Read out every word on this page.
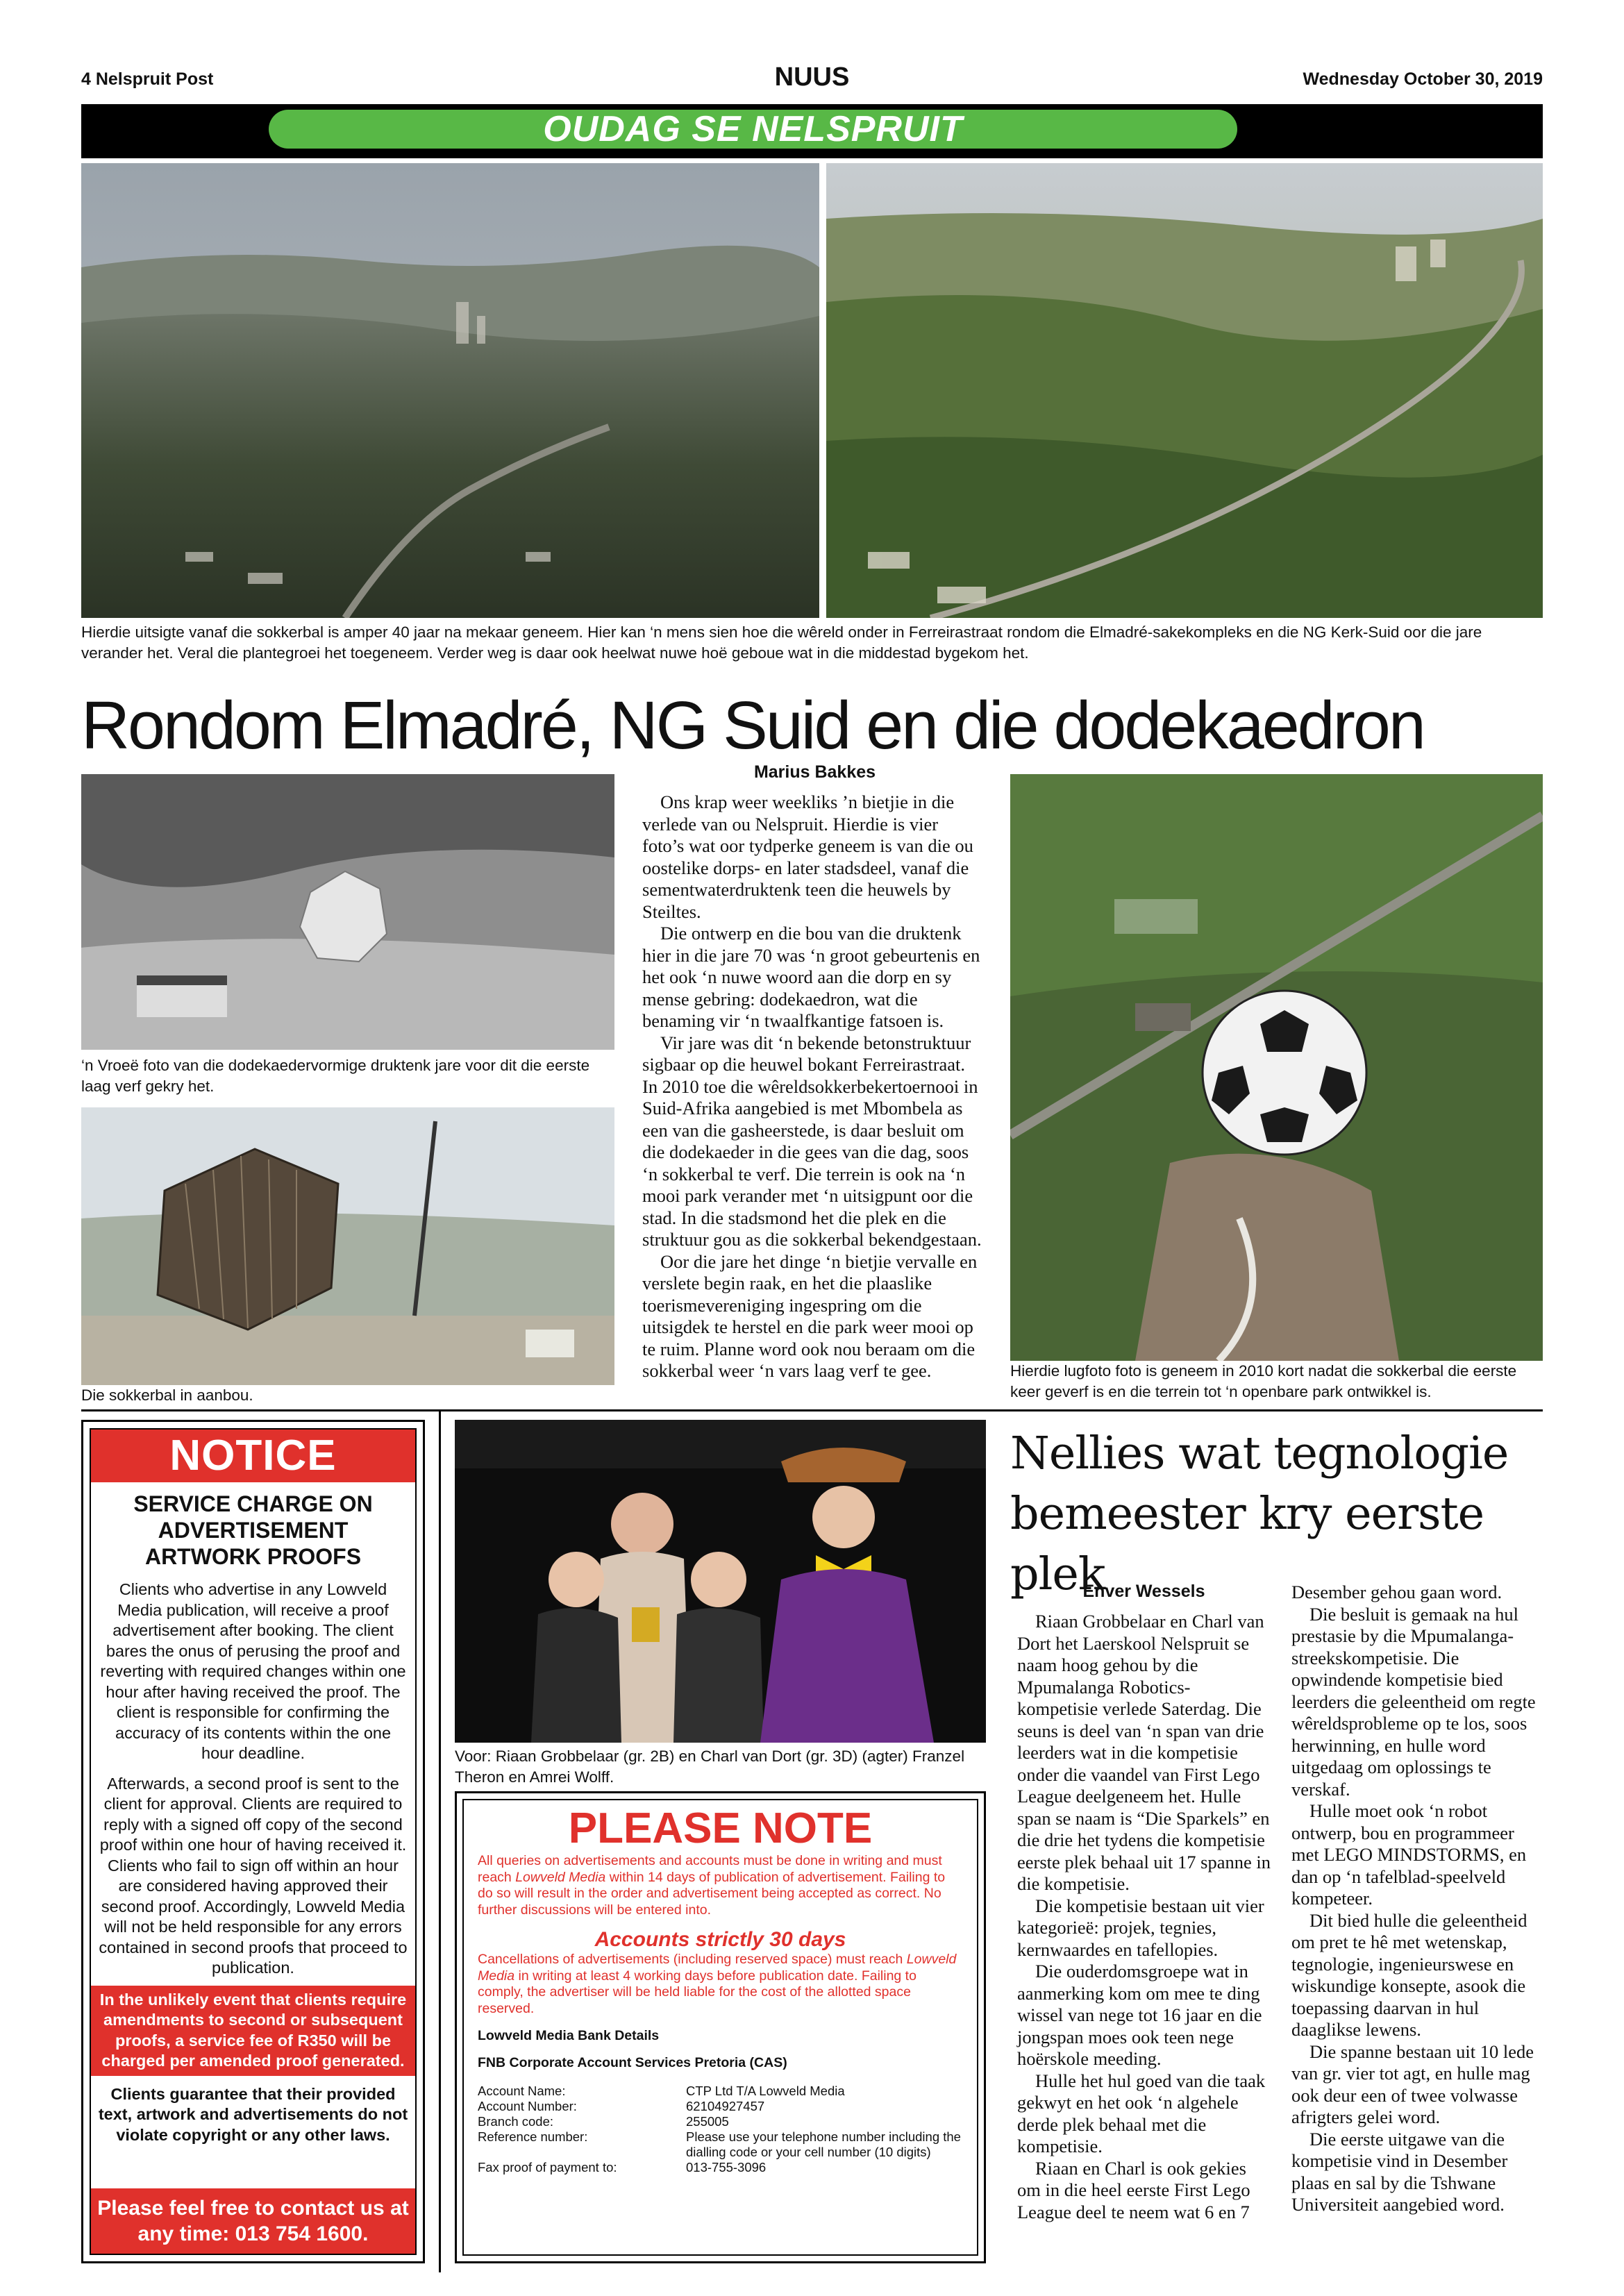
4 Nelspruit Post	NUUS	Wednesday October 30, 2019
OUDAG SE NELSPRUIT
Hierdie uitsigte vanaf die sokkerbal is amper 40 jaar na mekaar geneem. Hier kan ‘n mens sien hoe die wêreld onder in Ferreirastraat rondom die Elmadré-sakekompleks en die NG Kerk-Suid oor die jare verander het. Veral die plantegroei het toegeneem. Verder weg is daar ook heelwat nuwe hoë geboue wat in die middestad bygekom het.
Rondom Elmadré, NG Suid en die dodekaedron
‘n Vroeë foto van die dodekaedervormige druktenk jare voor dit die eerste laag verf gekry het.
Die sokkerbal in aanbou.
Marius Bakkes

Ons krap weer weekliks ’n bietjie in die verlede van ou Nelspruit. Hierdie is vier foto’s wat oor tydperke geneem is van die ou oostelike dorps- en later stadsdeel, vanaf die sementwaterdruktenk teen die heuwels by Steiltes.

Die ontwerp en die bou van die druktenk hier in die jare 70 was ‘n groot gebeurtenis en het ook ‘n nuwe woord aan die dorp en sy mense gebring: dodekaedron, wat die benaming vir ‘n twaalfkantige fatsoen is.

Vir jare was dit ‘n bekende betonstruktuur sigbaar op die heuwel bokant Ferreirastraat. In 2010 toe die wêreldsokkerbekertoernooi in Suid-Afrika aangebied is met Mbombela as een van die gasheerstede, is daar besluit om die dodekaeder in die gees van die dag, soos ‘n sokkerbal te verf. Die terrein is ook na ‘n mooi park verander met ‘n uitsigpunt oor die stad. In die stadsmond het die plek en die struktuur gou as die sokkerbal bekendgestaan.

Oor die jare het dinge ‘n bietjie vervalle en verslete begin raak, en het die plaaslike toerismevereniging ingespring om die uitsigdek te herstel en die park weer mooi op te ruim. Planne word ook nou beraam om die sokkerbal weer ‘n vars laag verf te gee.	Hierdie lugfoto foto is geneem in 2010 kort nadat die sokkerbal die eerste keer geverf is en die terrein tot ‘n openbare park ontwikkel is.
NOTICE
SERVICE CHARGE ON ADVERTISEMENT ARTWORK PROOFS
Clients who advertise in any Lowveld Media publication, will receive a proof advertisement after booking. The client bares the onus of perusing the proof and reverting with required changes within one hour after having received the proof. The client is responsible for confirming the accuracy of its contents within the one hour deadline.
Afterwards, a second proof is sent to the client for approval. Clients are required to reply with a signed off copy of the second proof within one hour of having received it. Clients who fail to sign off within an hour are considered having approved their second proof. Accordingly, Lowveld Media will not be held responsible for any errors contained in second proofs that proceed to publication.
In the unlikely event that clients require amendments to second or subsequent proofs, a service fee of R350 will be charged per amended proof generated.
Clients guarantee that their provided text, artwork and advertisements do not violate copyright or any other laws.
Please feel free to contact us at any time: 013 754 1600.
Voor: Riaan Grobbelaar (gr. 2B) en Charl van Dort (gr. 3D) (agter) Franzel Theron en Amrei Wolff.
PLEASE NOTE
All queries on advertisements and accounts must be done in writing and must reach Lowveld Media within 14 days of publication of advertisement. Failing to do so will result in the order and advertisement being accepted as correct. No further discussions will be entered into.
Accounts strictly 30 days
Cancellations of advertisements (including reserved space) must reach Lowveld Media in writing at least 4 working days before publication date. Failing to comply, the advertiser will be held liable for the cost of the allotted space reserved.
Lowveld Media Bank Details
FNB Corporate Account Services Pretoria (CAS)
Account Name:	CTP Ltd T/A Lowveld Media
Account Number:	62104927457
Branch code:	255005
Reference number:	Please use your telephone number including the dialling code or your cell number (10 digits)
Fax proof of payment to:	013-755-3096
Nellies wat tegnologie bemeester kry eerste plek
Enver Wessels

Riaan Grobbelaar en Charl van Dort het Laerskool Nelspruit se naam hoog gehou by die Mpumalanga Robotics-kompetisie verlede Saterdag. Die seuns is deel van ‘n span van drie leerders wat in die kompetisie onder die vaandel van First Lego League deelgeneem het. Hulle span se naam is “Die Sparkels” en die drie het tydens die kompetisie eerste plek behaal uit 17 spanne in die kompetisie.

Die kompetisie bestaan uit vier kategorieë: projek, tegnies, kernwaardes en tafellopies.

Die ouderdomsgroepe wat in aanmerking kom om mee te ding wissel van nege tot 16 jaar en die jongspan moes ook teen nege hoërskole meeding.

Hulle het hul goed van die taak gekwyt en het ook ‘n algehele derde plek behaal met die kompetisie.

Riaan en Charl is ook gekies om in die heel eerste First Lego League deel te neem wat 6 en 7

Desember gehou gaan word.

Die besluit is gemaak na hul prestasie by die Mpumalanga-streekskompetisie. Die opwindende kompetisie bied leerders die geleentheid om regte wêreldsprobleme op te los, soos herwinning, en hulle word uitgedaag om oplossings te verskaf.

Hulle moet ook ‘n robot ontwerp, bou en programmeer met LEGO MINDSTORMS, en dan op ‘n tafelblad-speelveld kompeteer.

Dit bied hulle die geleentheid om pret te hê met wetenskap, tegnologie, ingenieurswese en wiskundige konsepte, asook die toepassing daarvan in hul daaglikse lewens.

Die spanne bestaan uit 10 lede van gr. vier tot agt, en hulle mag ook deur een of twee volwasse afrigters gelei word.

Die eerste uitgawe van die kompetisie vind in Desember plaas en sal by die Tshwane Universiteit aangebied word.
